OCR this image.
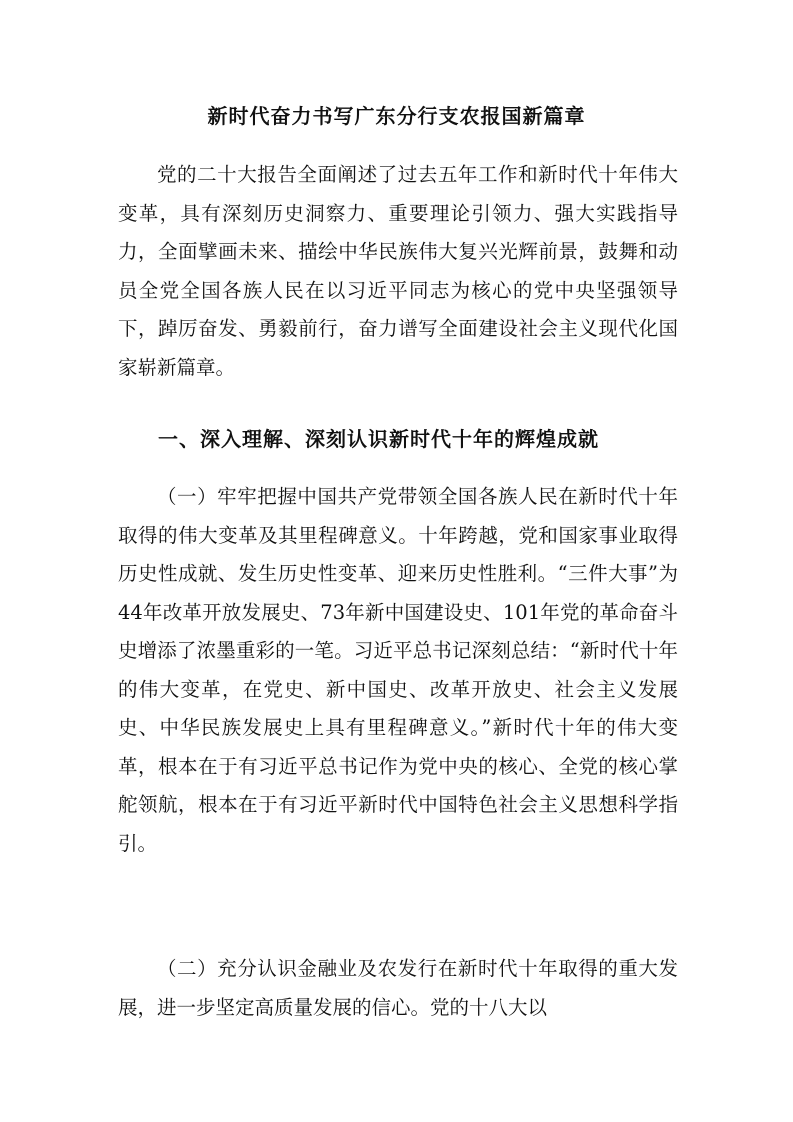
新时代奋力书写广东分行支农报国新篇章

党的二十大报告全面阐述了过去五年工作和新时代十年伟大变革，具有深刻历史洞察力、重要理论引领力、强大实践指导力，全面擘画未来、描绘中华民族伟大复兴光辉前景，鼓舞和动员全党全国各族人民在以习近平同志为核心的党中央坚强领导下，踔厉奋发、勇毅前行，奋力谱写全面建设社会主义现代化国家崭新篇章。

一、深入理解、深刻认识新时代十年的辉煌成就

（一）牢牢把握中国共产党带领全国各族人民在新时代十年取得的伟大变革及其里程碑意义。十年跨越，党和国家事业取得历史性成就、发生历史性变革、迎来历史性胜利。“三件大事”为44年改革开放发展史、73年新中国建设史、101年党的革命奋斗史增添了浓墨重彩的一笔。习近平总书记深刻总结：“新时代十年的伟大变革，在党史、新中国史、改革开放史、社会主义发展史、中华民族发展史上具有里程碑意义。”新时代十年的伟大变革，根本在于有习近平总书记作为党中央的核心、全党的核心掌舵领航，根本在于有习近平新时代中国特色社会主义思想科学指引。

（二）充分认识金融业及农发行在新时代十年取得的重大发展，进一步坚定高质量发展的信心。党的十八大以
